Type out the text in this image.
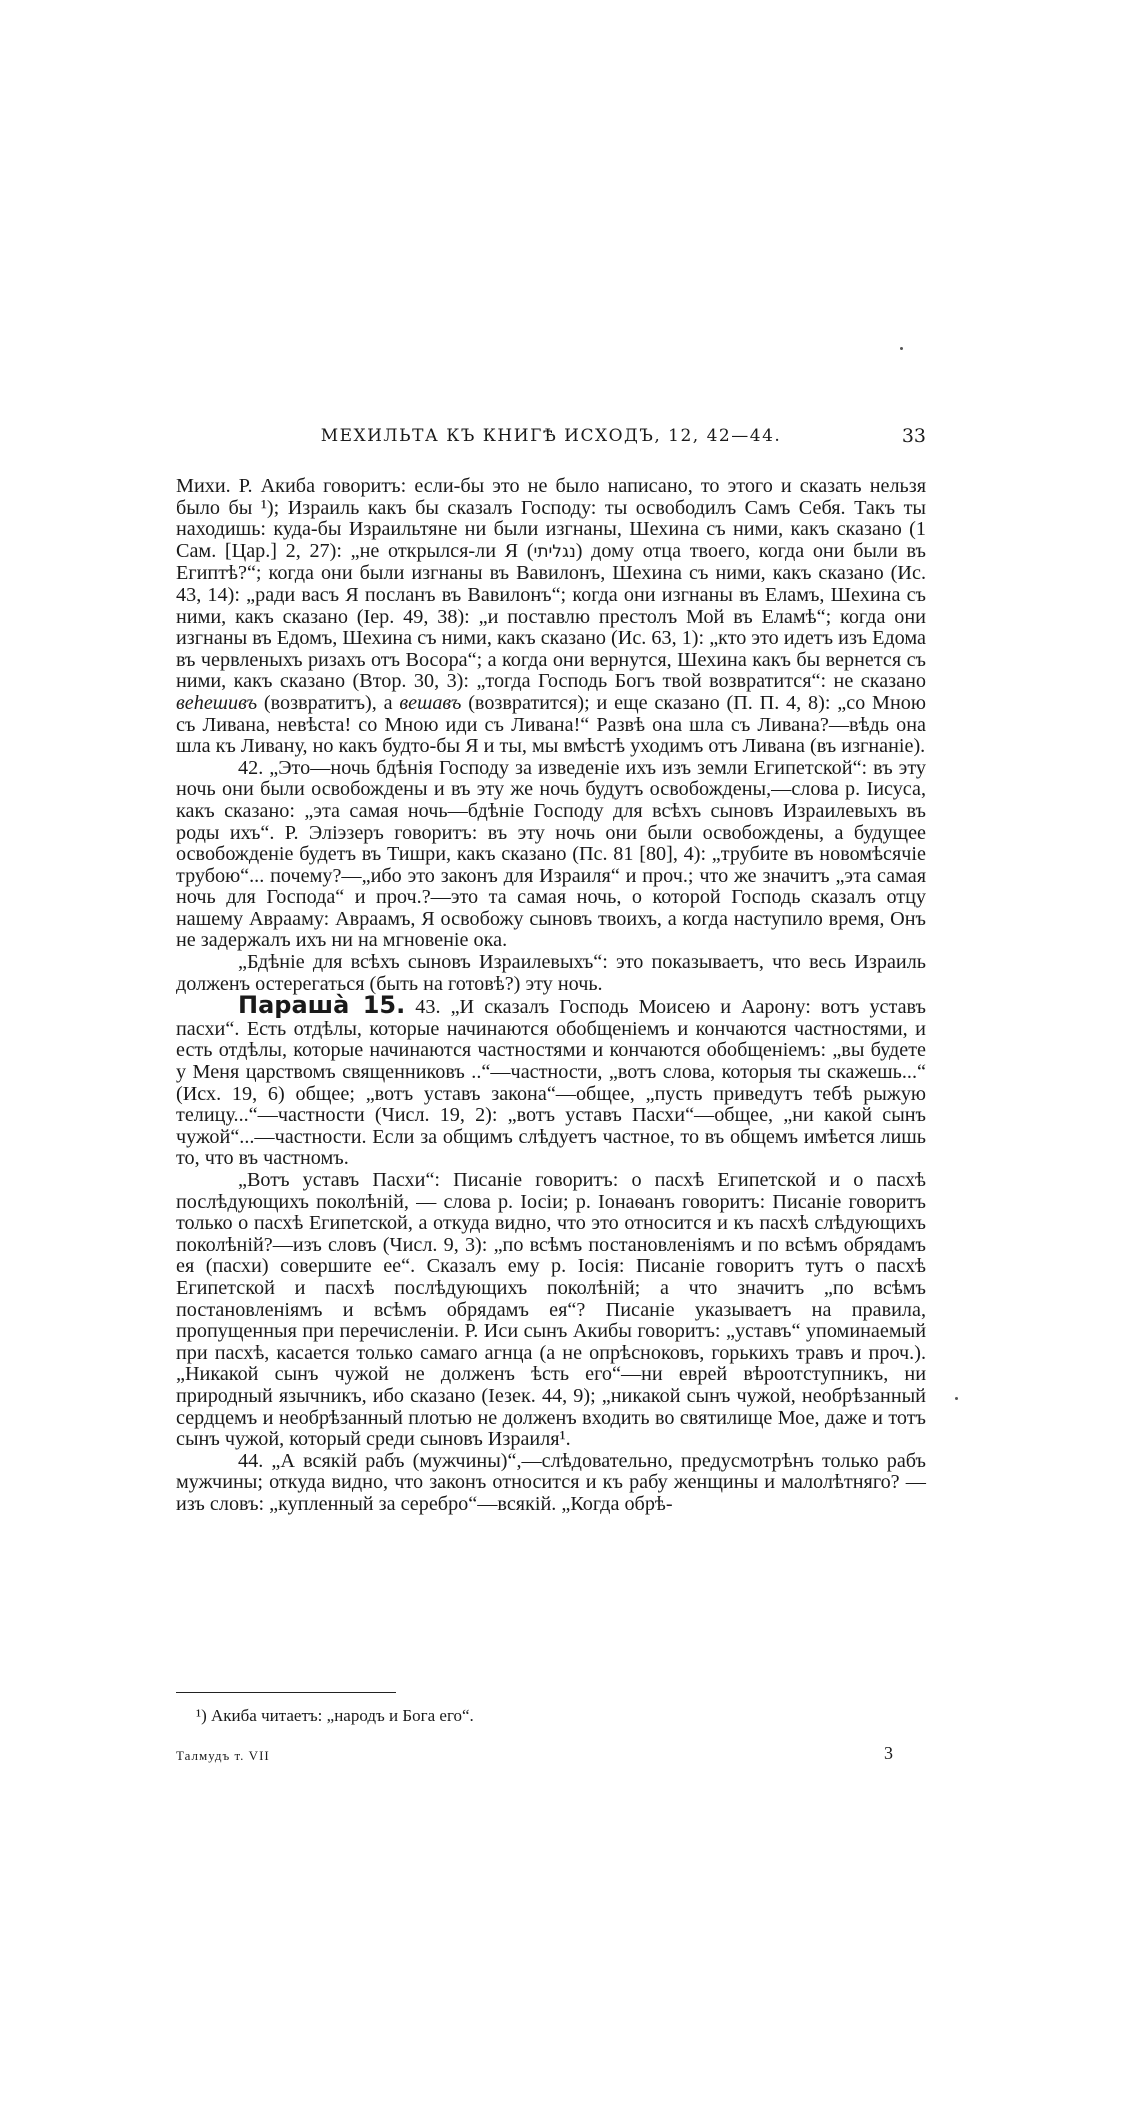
МЕХИЛЬТА КЪ КНИГѢ ИСХОДЪ, 12, 42—44.	33

Михи. Р. Акиба говоритъ: если-бы это не было написано, то этого и сказать нельзя было бы ¹); Израиль какъ бы сказалъ Господу: ты освободилъ Самъ Себя. Такъ ты находишь: куда-бы Израильтяне ни были изгнаны, Шехина съ ними, какъ сказано (1 Сам. [Цар.] 2, 27): „не открылся-ли Я (נגליתי) дому отца твоего, когда они были въ Египтѣ?“; когда они были изгнаны въ Вавилонъ, Шехина съ ними, какъ сказано (Ис. 43, 14): „ради васъ Я посланъ въ Вавилонъ“; когда они изгнаны въ Еламъ, Шехина съ ними, какъ сказано (Iер. 49, 38): „и поставлю престолъ Мой въ Еламѣ“; когда они изгнаны въ Едомъ, Шехина съ ними, какъ сказано (Ис. 63, 1): „кто это идетъ изъ Едома въ червленыхъ ризахъ отъ Восора“; а когда они вернутся, Шехина какъ бы вернется съ ними, какъ сказано (Втор. 30, 3): „тогда Господь Богъ твой возвратится“: не сказано веһешивъ (возвратитъ), а вешавъ (возвратится); и еще сказано (П. П. 4, 8): „со Мною съ Ливана, невѣста! со Мною иди съ Ливана!“ Развѣ она шла съ Ливана?—вѣдь она шла къ Ливану, но какъ будто-бы Я и ты, мы вмѣстѣ уходимъ отъ Ливана (въ изгнаніе).

42. „Это—ночь бдѣнія Господу за изведеніе ихъ изъ земли Египетской“: въ эту ночь они были освобождены и въ эту же ночь будутъ освобождены,—слова р. Iисуса, какъ сказано: „эта самая ночь—бдѣніе Господу для всѣхъ сыновъ Израилевыхъ въ роды ихъ“. Р. Элiэзеръ говоритъ: въ эту ночь они были освобождены, а будущее освобожденіе будетъ въ Тишри, какъ сказано (Пс. 81 [80], 4): „трубите въ новомѣсячіе трубою“... почему?—„ибо это законъ для Израиля“ и проч.; что же значитъ „эта самая ночь для Господа“ и проч.?—это та самая ночь, о которой Господь сказалъ отцу нашему Аврааму: Авраамъ, Я освобожу сыновъ твоихъ, а когда наступило время, Онъ не задержалъ ихъ ни на мгновеніе ока.

„Бдѣніе для всѣхъ сыновъ Израилевыхъ“: это показываетъ, что весь Израиль долженъ остерегаться (быть на готовѣ?) эту ночь.

Парашà 15. 43. „И сказалъ Господь Моисею и Аарону: вотъ уставъ пасхи“. Есть отдѣлы, которые начинаются обобщеніемъ и кончаются частностями, и есть отдѣлы, которые начинаются частностями и кончаются обобщеніемъ: „вы будете у Меня царствомъ священниковъ ..“—частности, „вотъ слова, которыя ты скажешь...“ (Исх. 19, 6) общее; „вотъ уставъ закона“—общее, „пусть приведутъ тебѣ рыжую телицу...“—частности (Числ. 19, 2): „вотъ уставъ Пасхи“—общее, „ни какой сынъ чужой“...—частности. Если за общимъ слѣдуетъ частное, то въ общемъ имѣется лишь то, что въ частномъ.

„Вотъ уставъ Пасхи“: Писаніе говоритъ: о пасхѣ Египетской и о пасхѣ послѣдующихъ поколѣній, — слова р. Iосіи; р. Iонаѳанъ говоритъ: Писаніе говоритъ только о пасхѣ Египетской, а откуда видно, что это относится и къ пасхѣ слѣдующихъ поколѣній?—изъ словъ (Числ. 9, 3): „по всѣмъ постановленіямъ и по всѣмъ обрядамъ ея (пасхи) совершите ее“. Сказалъ ему р. Iосія: Писаніе говоритъ тутъ о пасхѣ Египетской и пасхѣ послѣдующихъ поколѣній; а что значитъ „по всѣмъ постановленіямъ и всѣмъ обрядамъ ея“? Писаніе указываетъ на правила, пропущенныя при перечисленіи. Р. Иси сынъ Акибы говоритъ: „уставъ“ упоминаемый при пасхѣ, касается только самаго агнца (а не опрѣсноковъ, горькихъ травъ и проч.). „Никакой сынъ чужой не долженъ ѣсть его“—ни еврей вѣроотступникъ, ни природный язычникъ, ибо сказано (Iезек. 44, 9); „никакой сынъ чужой, необрѣзанный сердцемъ и необрѣзанный плотью не долженъ входить во святилище Мое, даже и тотъ сынъ чужой, который среди сыновъ Израиля¹.

44. „А всякій рабъ (мужчины)“,—слѣдовательно, предусмотрѣнъ только рабъ мужчины; откуда видно, что законъ относится и къ рабу женщины и малолѣтняго? — изъ словъ: „купленный за серебро“—всякій. „Когда обрѣ-

¹) Акиба читаетъ: „народъ и Бога его“.
Талмудъ т. VII	3
